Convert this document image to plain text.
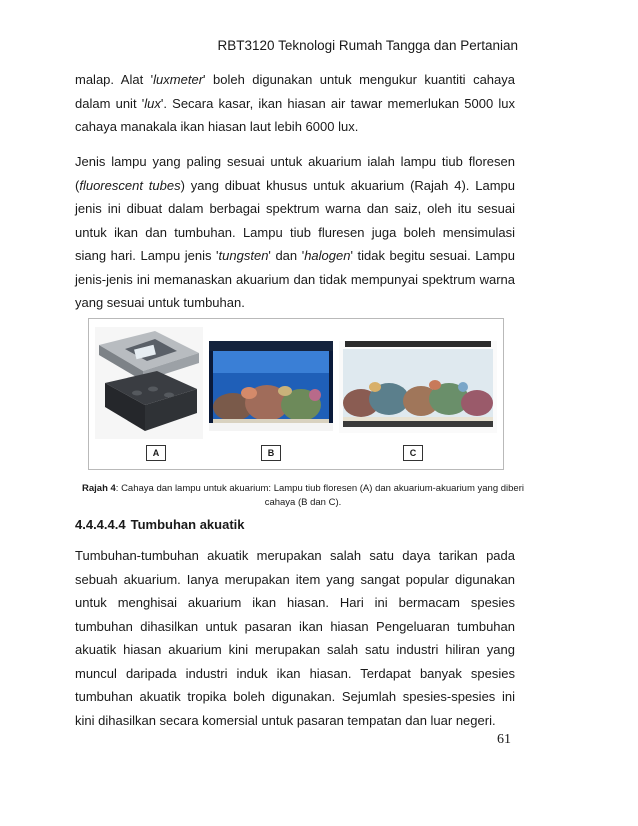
RBT3120 Teknologi Rumah Tangga dan Pertanian

malap. Alat 'luxmeter' boleh digunakan untuk mengukur kuantiti cahaya dalam unit 'lux'. Secara kasar, ikan hiasan air tawar memerlukan 5000 lux cahaya manakala ikan hiasan laut lebih 6000 lux.

Jenis lampu yang paling sesuai untuk akuarium ialah lampu tiub floresen (fluorescent tubes) yang dibuat khusus untuk akuarium (Rajah 4). Lampu jenis ini dibuat dalam berbagai spektrum warna dan saiz, oleh itu sesuai untuk ikan dan tumbuhan. Lampu tiub fluresen juga boleh mensimulasi siang hari. Lampu jenis 'tungsten' dan 'halogen' tidak begitu sesuai. Lampu jenis-jenis ini memanaskan akuarium dan tidak mempunyai spektrum warna yang sesuai untuk tumbuhan.

A	B	C
Rajah 4: Cahaya dan lampu untuk akuarium: Lampu tiub floresen (A) dan akuarium-akuarium yang diberi cahaya (B dan C).
4.4.4.4.4 Tumbuhan akuatik

Tumbuhan-tumbuhan akuatik merupakan salah satu daya tarikan pada sebuah akuarium. Ianya merupakan item yang sangat popular digunakan untuk menghisai akuarium ikan hiasan. Hari ini bermacam spesies tumbuhan dihasilkan untuk pasaran ikan hiasan Pengeluaran tumbuhan akuatik hiasan akuarium kini merupakan salah satu industri hiliran yang muncul daripada industri induk ikan hiasan. Terdapat banyak spesies tumbuhan akuatik tropika boleh digunakan. Sejumlah spesies-spesies ini kini dihasilkan secara komersial untuk pasaran tempatan dan luar negeri.

61
